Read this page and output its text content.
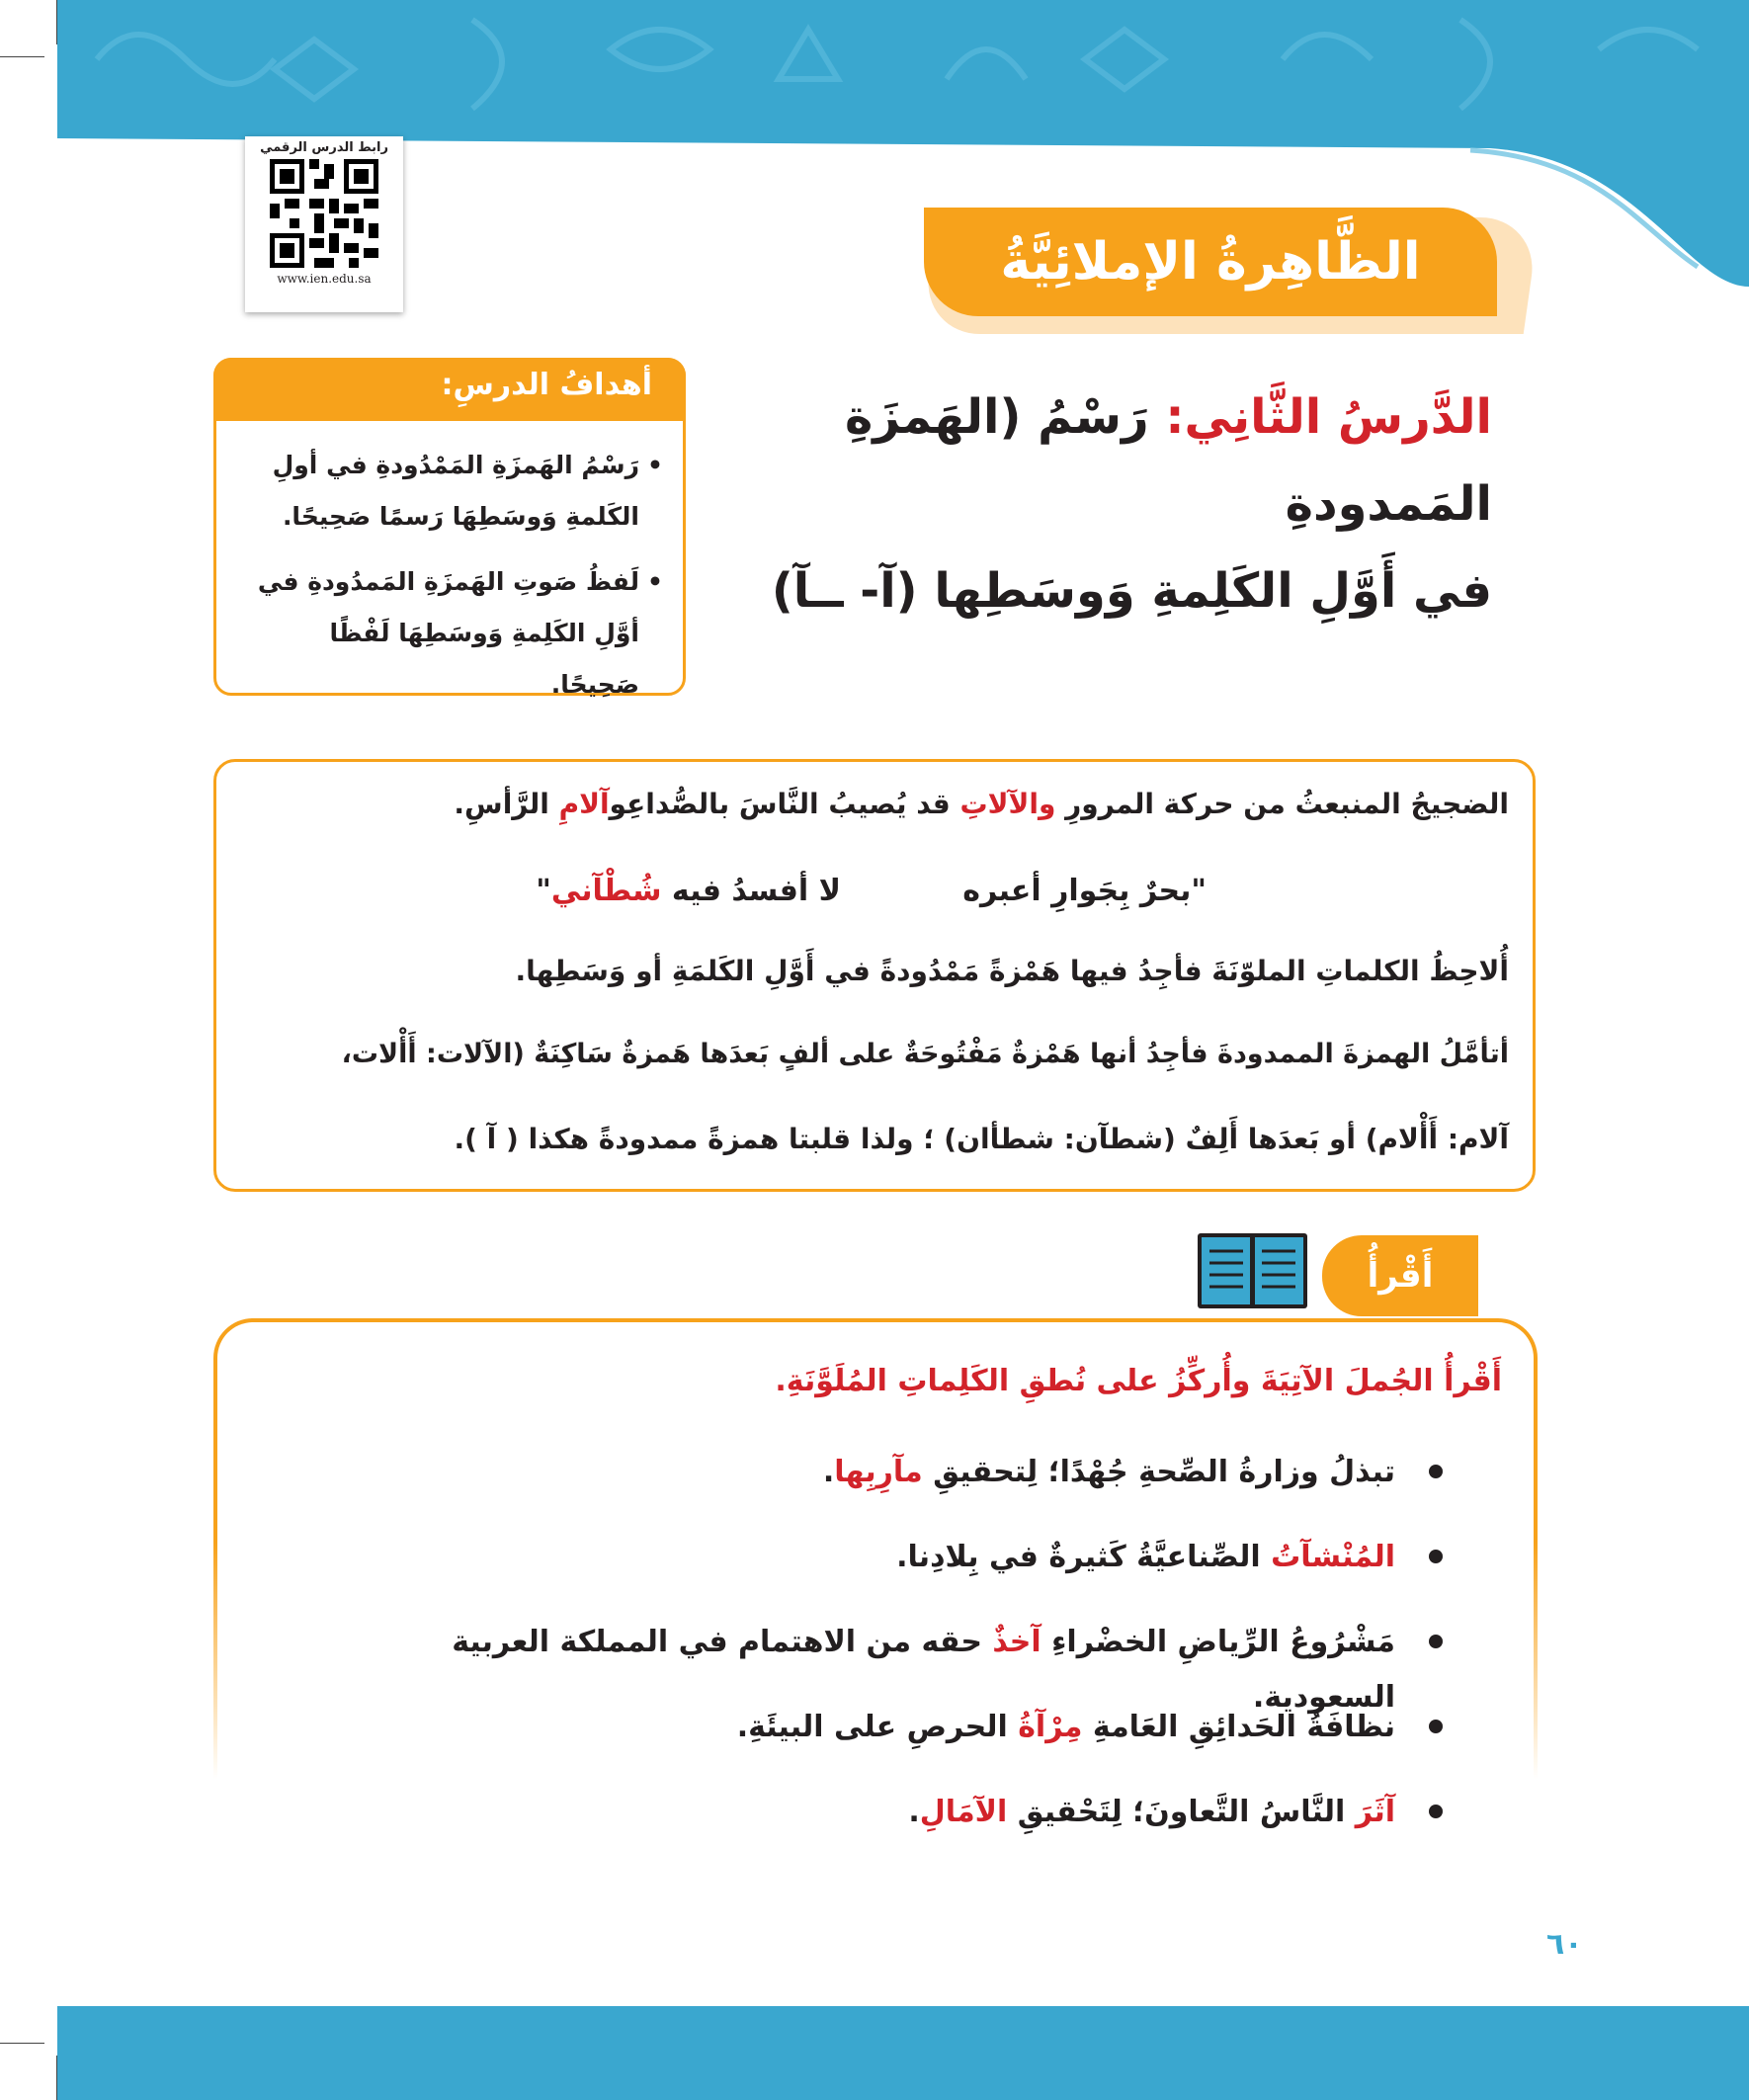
رابط الدرس الرقمي
www.ien.edu.sa	الظَّاهِرةُ الإملائِيَّةُ
الدَّرسُ الثَّانِي: رَسْمُ (الهَمزَةِ المَمدودةِ
في أَوَّلِ الكَلِمةِ وَوسَطِها (آ- ــآ)
• رَسْمُ الهَمزَةِ المَمْدُودةِ في أولِ الكَلمةِ وَوسَطِهَا رَسمًا صَحِيحًا.
• لَفظُ صَوتِ الهَمزَةِ المَمدُودةِ في أوَّلِ الكَلِمةِ وَوسَطِهَا لَفْظًا صَحِيحًا.
أهدافُ الدرسِ:

الضجيجُ المنبعثُ من حركة المرورِ والآلاتِ قد يُصيبُ النَّاسَ بالصُّداعِوآلامِ الرَّأسِ.

"بحرٌ بِجَوارِ أعبره
لا أفسدُ فيه شُطْآني"

أُلاحِظُ الكلماتِ الملوّنَةَ فأجِدُ فيها هَمْزةً مَمْدُودةً في أَوَّلِ الكَلمَةِ أو وَسَطِها.

أتأمَّلُ الهمزةَ الممدودةَ فأجِدُ أنها هَمْزةٌ مَفْتُوحَةٌ على ألفٍ بَعدَها هَمزةٌ سَاكِنَةٌ (الآلات: أَأْلات،

آلام: أَأْلام) أو بَعدَها أَلِفٌ (شطآن: شطأان) ؛ ولذا قلبتا همزةً ممدودةً هكذا ( آ ).

أَقْرأُ
أَقْرأُ الجُملَ الآتِيَةَ وأُركِّزُ على نُطقِ الكَلِماتِ المُلَوَّنَةِ.
تبذلُ وزارةُ الصِّحةِ جُهْدًا؛ لِتحقيقِ مآرِبِها.
المُنْشآتُ الصِّناعيَّةُ كَثيرةٌ في بِلادِنا.
مَشْرُوعُ الرِّياضِ الخضْراءِ آخذٌ حقه من الاهتمام في المملكة العربية السعودية.
نظافَةُ الحَدائِقِ العَامةِ مِرْآةُ الحرصِ على البيئَةِ.
آثَرَ النَّاسُ التَّعاونَ؛ لِتَحْقيقِ الآمَالِ.
٦٠
